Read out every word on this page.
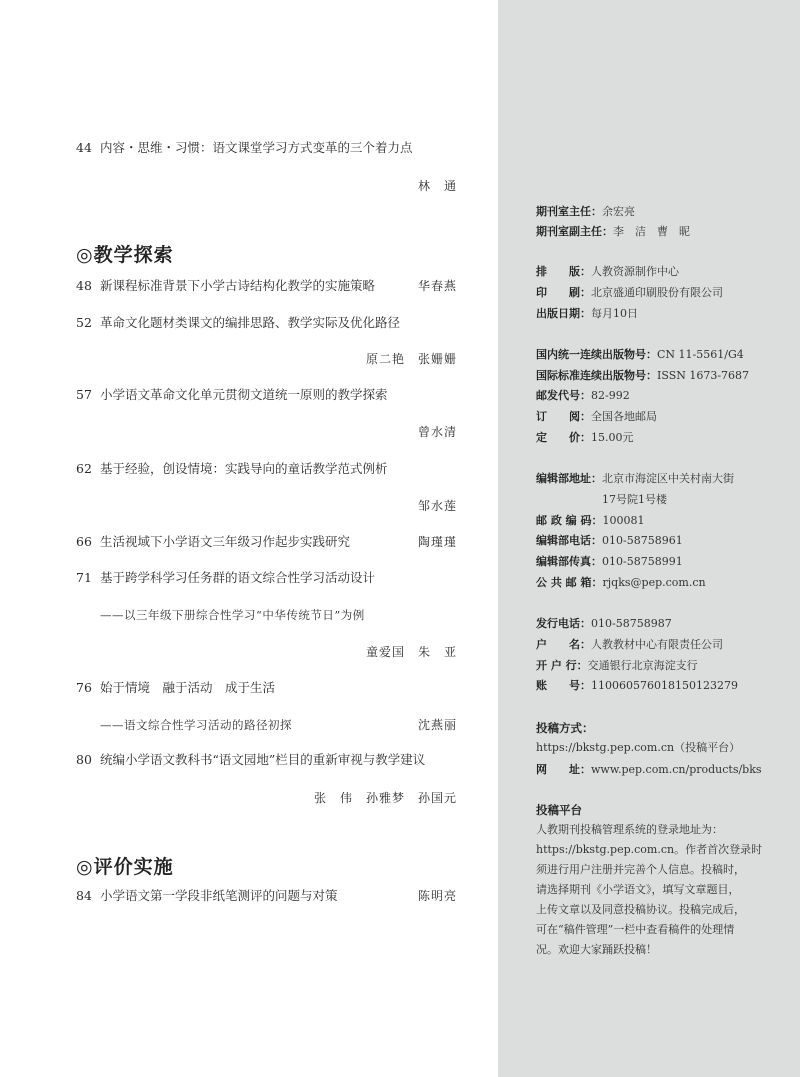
44 内容・思维・习惯：语文课堂学习方式变革的三个着力点
林　通
◎教学探索
48 新课程标准背景下小学古诗结构化教学的实施策略	华春燕
52 革命文化题材类课文的编排思路、教学实际及优化路径
原二艳　张姗姗
57 小学语文革命文化单元贯彻文道统一原则的教学探索
曾水清
62 基于经验，创设情境：实践导向的童话教学范式例析
邹水莲
66 生活视域下小学语文三年级习作起步实践研究	陶瑾瑾
71 基于跨学科学习任务群的语文综合性学习活动设计
——以三年级下册综合性学习“中华传统节日”为例
童爱国　朱　亚
76 始于情境　融于活动　成于生活
——语文综合性学习活动的路径初探	沈燕丽
80 统编小学语文教科书“语文园地”栏目的重新审视与教学建议
张　伟　孙雅梦　孙国元
◎评价实施
84 小学语文第一学段非纸笔测评的问题与对策	陈明亮
期刊室主任：余宏亮
期刊室副主任：李　洁　曹　昵
排　　版：人教资源制作中心
印　　刷：北京盛通印刷股份有限公司
出版日期：每月10日
国内统一连续出版物号：CN 11-5561/G4
国际标准连续出版物号：ISSN 1673-7687
邮发代号：82-992
订　　阅：全国各地邮局
定　　价：15.00元
编辑部地址：北京市海淀区中关村南大街
17号院1号楼
邮 政 编 码：100081
编辑部电话：010-58758961
编辑部传真：010-58758991
公 共 邮 箱：rjqks@pep.com.cn
发行电话：010-58758987
户　　名：人教教材中心有限责任公司
开 户 行：交通银行北京海淀支行
账　　号：110060576018150123279
投稿方式：
https://bkstg.pep.com.cn（投稿平台）
网　　址：www.pep.com.cn/products/bks
投稿平台
人教期刊投稿管理系统的登录地址为：
https://bkstg.pep.com.cn。作者首次登录时
须进行用户注册并完善个人信息。投稿时，
请选择期刊《小学语文》，填写文章题目，
上传文章以及同意投稿协议。投稿完成后，
可在“稿件管理”一栏中查看稿件的处理情
况。欢迎大家踊跃投稿！
